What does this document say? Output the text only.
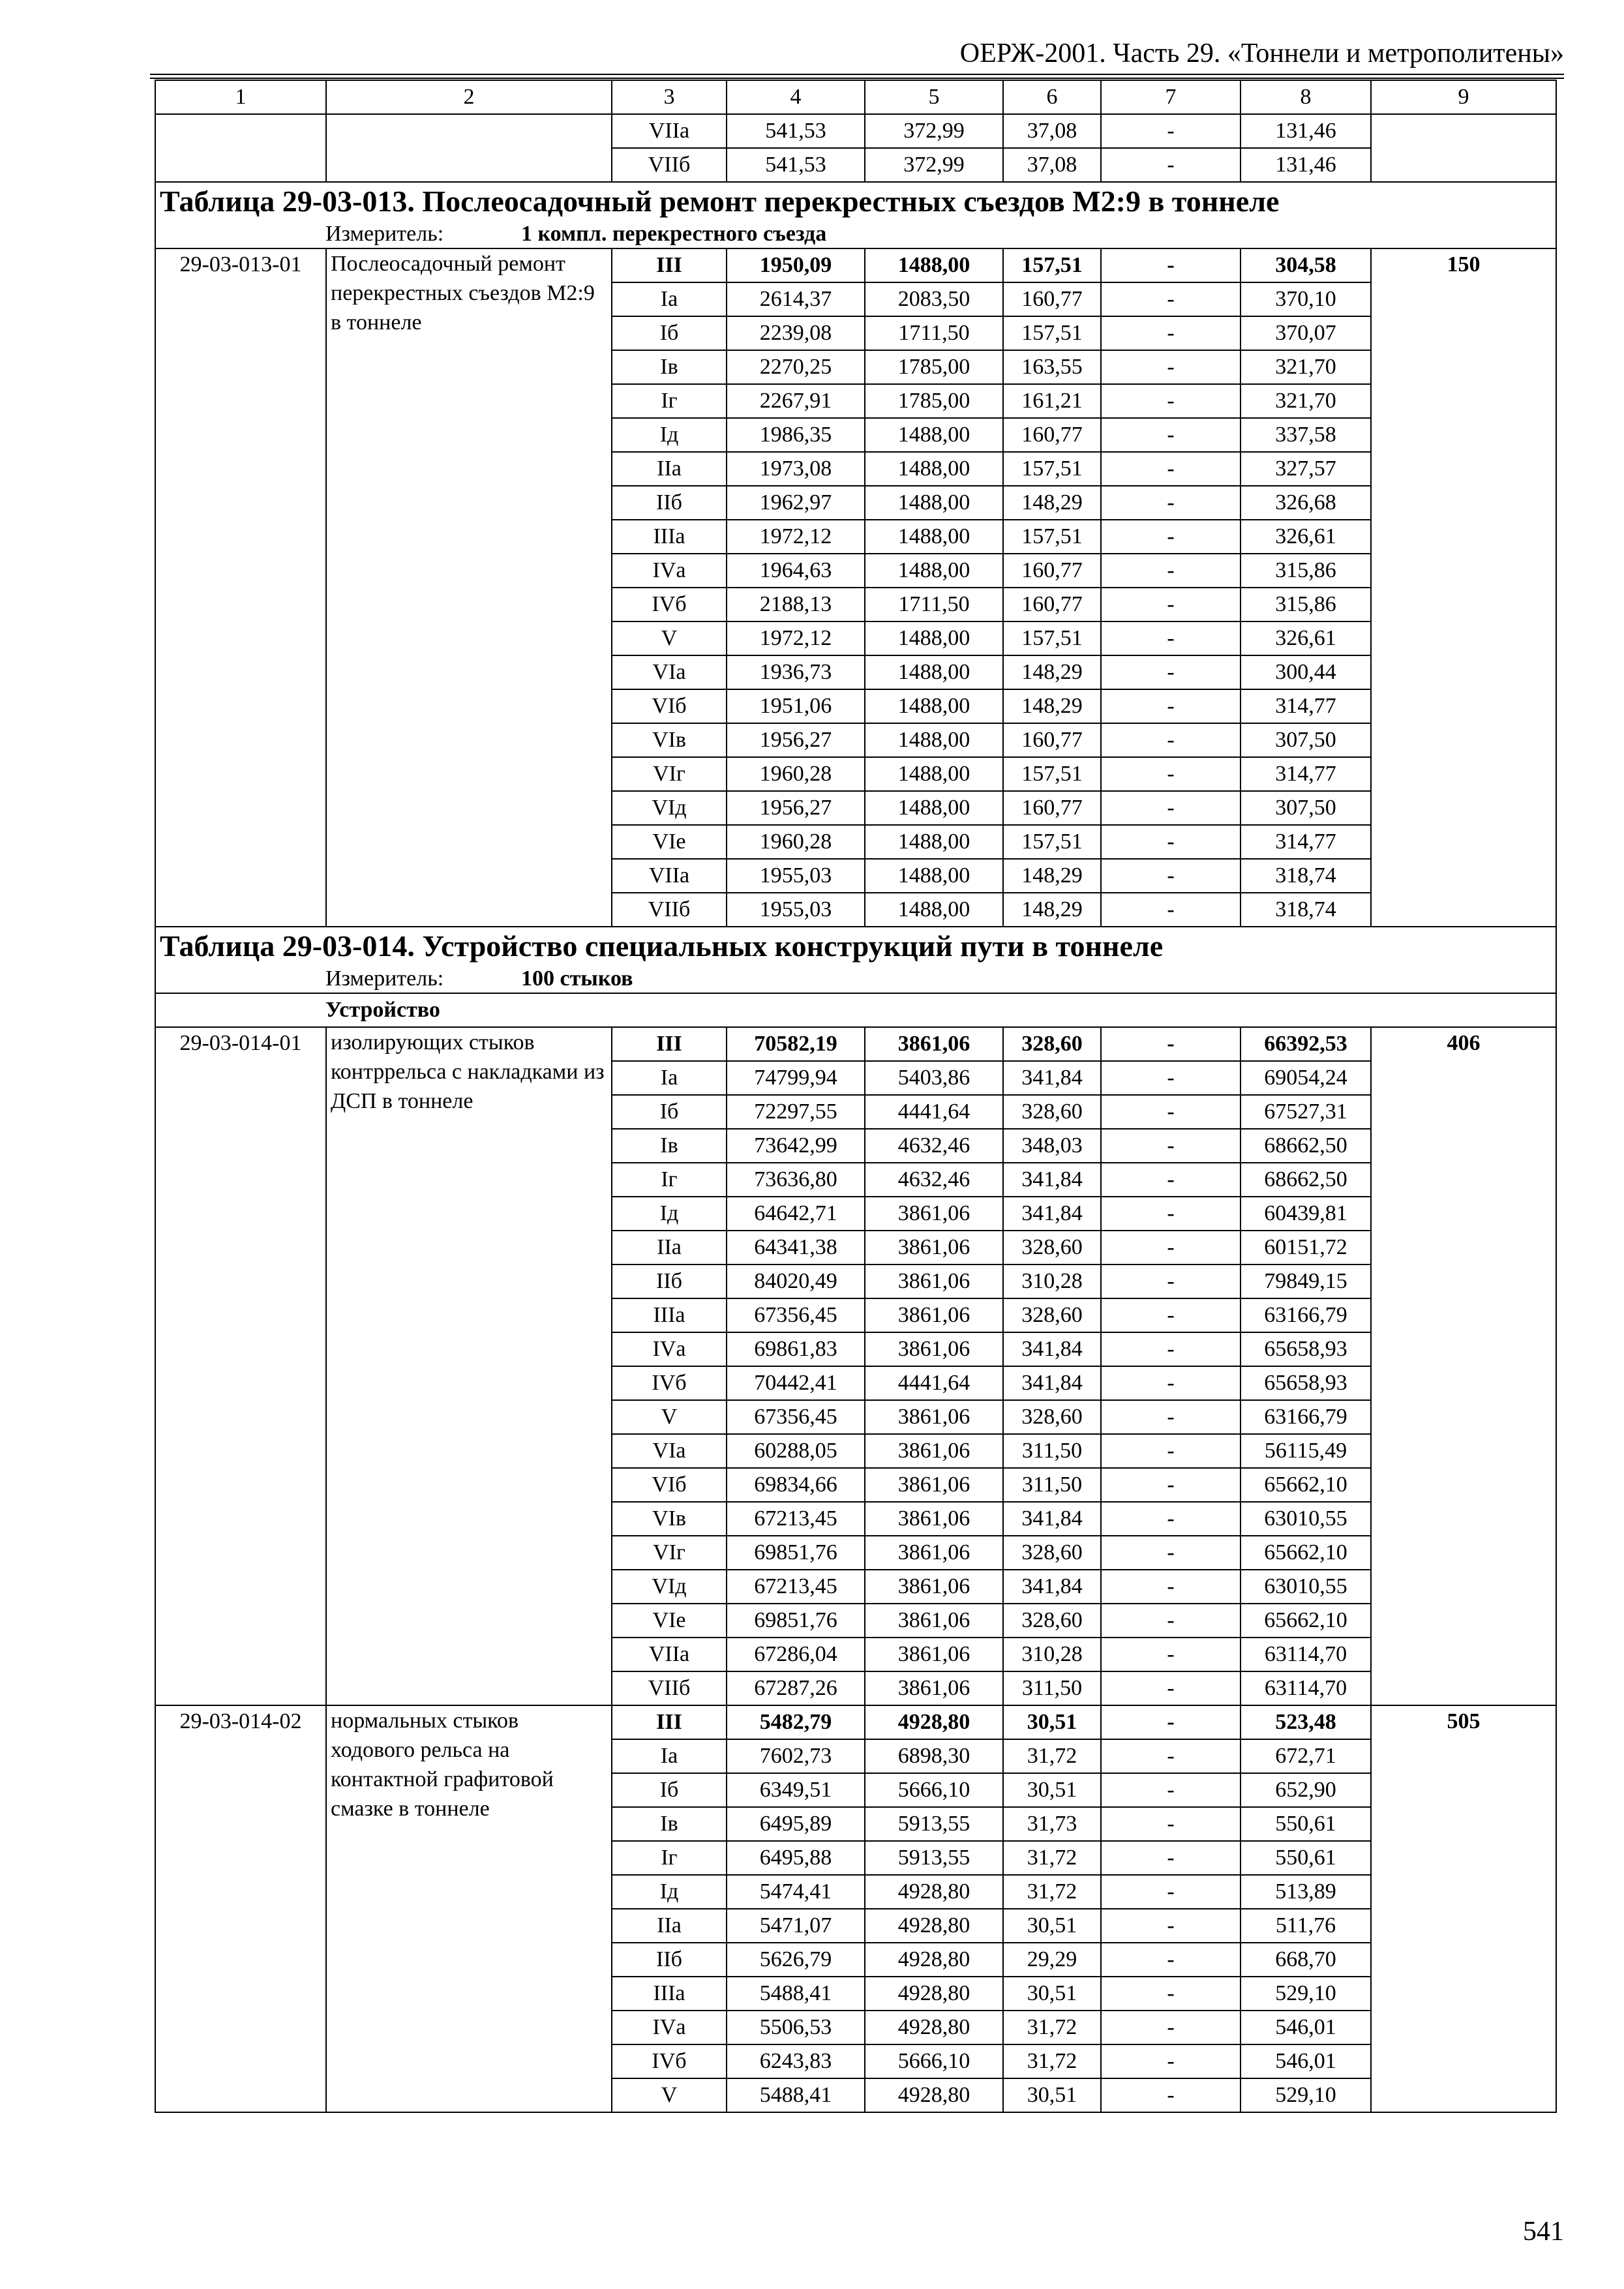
ОЕРЖ-2001. Часть 29. «Тоннели и метрополитены»
1	2	3	4	5	6	7	8	9
		VIIа	541,53	372,99	37,08	-	131,46	
		VIIб	541,53	372,99	37,08	-	131,46	
Таблица 29-03-013. Послеосадочный ремонт перекрестных съездов М2:9 в тоннеле								
Измеритель: 1 компл. перекрестного съезда								
29-03-013-01	Послеосадочный ремонт перекрестных съездов М2:9 в тоннеле	III	1950,09	1488,00	157,51	-	304,58	150
		Iа	2614,37	2083,50	160,77	-	370,10	
		Iб	2239,08	1711,50	157,51	-	370,07	
		Iв	2270,25	1785,00	163,55	-	321,70	
		Iг	2267,91	1785,00	161,21	-	321,70	
		Iд	1986,35	1488,00	160,77	-	337,58	
		IIа	1973,08	1488,00	157,51	-	327,57	
		IIб	1962,97	1488,00	148,29	-	326,68	
		IIIа	1972,12	1488,00	157,51	-	326,61	
		IVа	1964,63	1488,00	160,77	-	315,86	
		IVб	2188,13	1711,50	160,77	-	315,86	
		V	1972,12	1488,00	157,51	-	326,61	
		VIа	1936,73	1488,00	148,29	-	300,44	
		VIб	1951,06	1488,00	148,29	-	314,77	
		VIв	1956,27	1488,00	160,77	-	307,50	
		VIг	1960,28	1488,00	157,51	-	314,77	
		VIд	1956,27	1488,00	160,77	-	307,50	
		VIе	1960,28	1488,00	157,51	-	314,77	
		VIIа	1955,03	1488,00	148,29	-	318,74	
		VIIб	1955,03	1488,00	148,29	-	318,74	
Таблица 29-03-014. Устройство специальных конструкций пути в тоннеле								
Измеритель: 100 стыков								
Устройство								
29-03-014-01	изолирующих стыков контррельса с накладками из ДСП в тоннеле	III	70582,19	3861,06	328,60	-	66392,53	406
		Iа	74799,94	5403,86	341,84	-	69054,24	
		Iб	72297,55	4441,64	328,60	-	67527,31	
		Iв	73642,99	4632,46	348,03	-	68662,50	
		Iг	73636,80	4632,46	341,84	-	68662,50	
		Iд	64642,71	3861,06	341,84	-	60439,81	
		IIа	64341,38	3861,06	328,60	-	60151,72	
		IIб	84020,49	3861,06	310,28	-	79849,15	
		IIIа	67356,45	3861,06	328,60	-	63166,79	
		IVа	69861,83	3861,06	341,84	-	65658,93	
		IVб	70442,41	4441,64	341,84	-	65658,93	
		V	67356,45	3861,06	328,60	-	63166,79	
		VIа	60288,05	3861,06	311,50	-	56115,49	
		VIб	69834,66	3861,06	311,50	-	65662,10	
		VIв	67213,45	3861,06	341,84	-	63010,55	
		VIг	69851,76	3861,06	328,60	-	65662,10	
		VIд	67213,45	3861,06	341,84	-	63010,55	
		VIе	69851,76	3861,06	328,60	-	65662,10	
		VIIа	67286,04	3861,06	310,28	-	63114,70	
		VIIб	67287,26	3861,06	311,50	-	63114,70	
29-03-014-02	нормальных стыков ходового рельса на контактной графитовой смазке в тоннеле	III	5482,79	4928,80	30,51	-	523,48	505
		Iа	7602,73	6898,30	31,72	-	672,71	
		Iб	6349,51	5666,10	30,51	-	652,90	
		Iв	6495,89	5913,55	31,73	-	550,61	
		Iг	6495,88	5913,55	31,72	-	550,61	
		Iд	5474,41	4928,80	31,72	-	513,89	
		IIа	5471,07	4928,80	30,51	-	511,76	
		IIб	5626,79	4928,80	29,29	-	668,70	
		IIIа	5488,41	4928,80	30,51	-	529,10	
		IVа	5506,53	4928,80	31,72	-	546,01	
		IVб	6243,83	5666,10	31,72	-	546,01	
		V	5488,41	4928,80	30,51	-	529,10	
541
